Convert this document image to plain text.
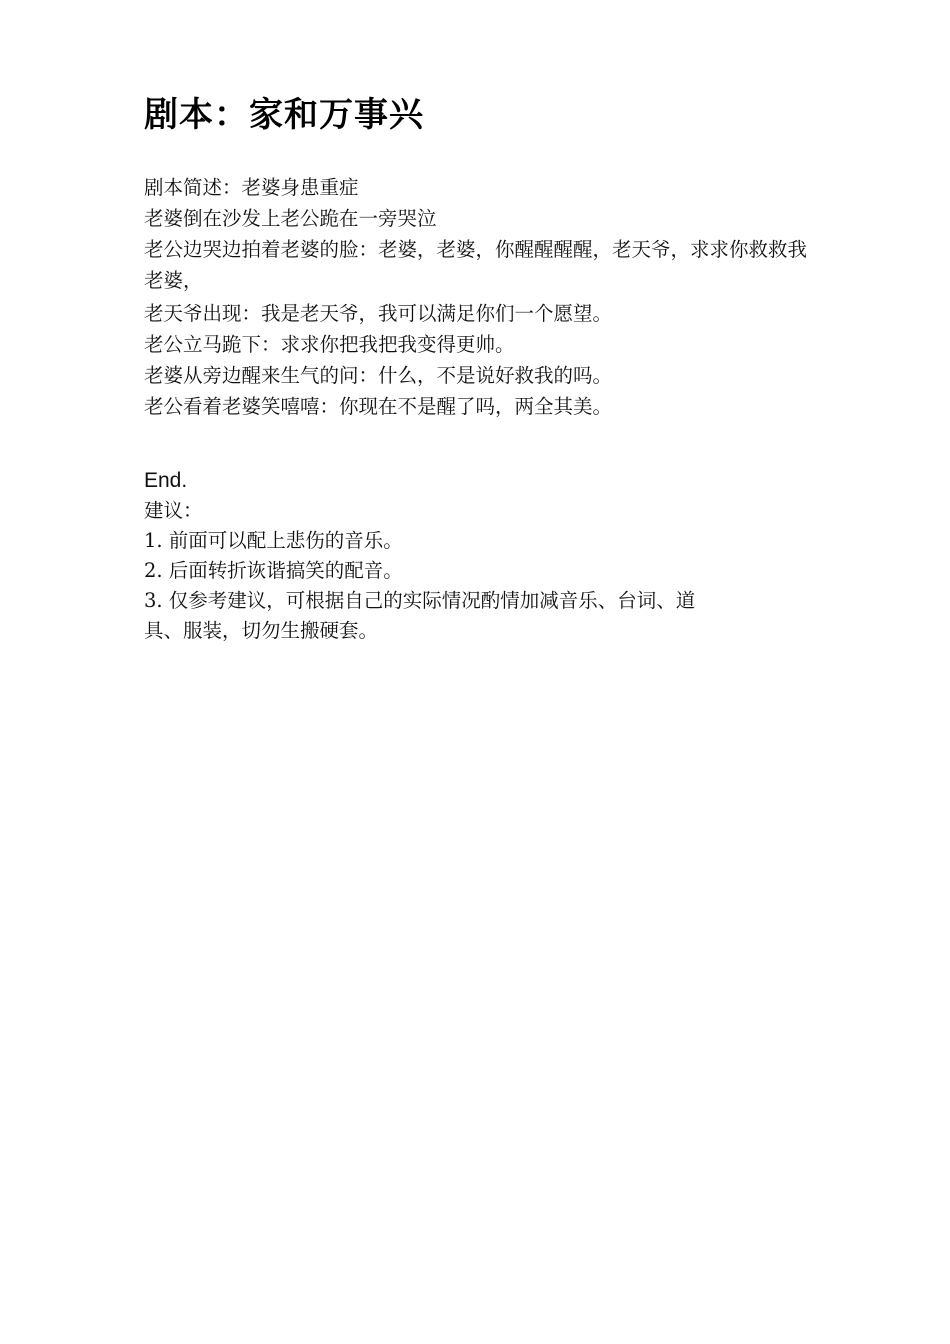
剧本：家和万事兴

剧本简述：老婆身患重症

老婆倒在沙发上老公跪在一旁哭泣

老公边哭边拍着老婆的脸：老婆，老婆，你醒醒醒醒，老天爷，求求你救救我老婆，

老天爷出现：我是老天爷，我可以满足你们一个愿望。

老公立马跪下：求求你把我把我变得更帅。

老婆从旁边醒来生气的问：什么，不是说好救我的吗。

老公看着老婆笑嘻嘻：你现在不是醒了吗，两全其美。

End.

建议：

1. 前面可以配上悲伤的音乐。

2. 后面转折诙谐搞笑的配音。

3. 仅参考建议，可根据自己的实际情况酌情加减音乐、台词、道具、服装，切勿生搬硬套。
